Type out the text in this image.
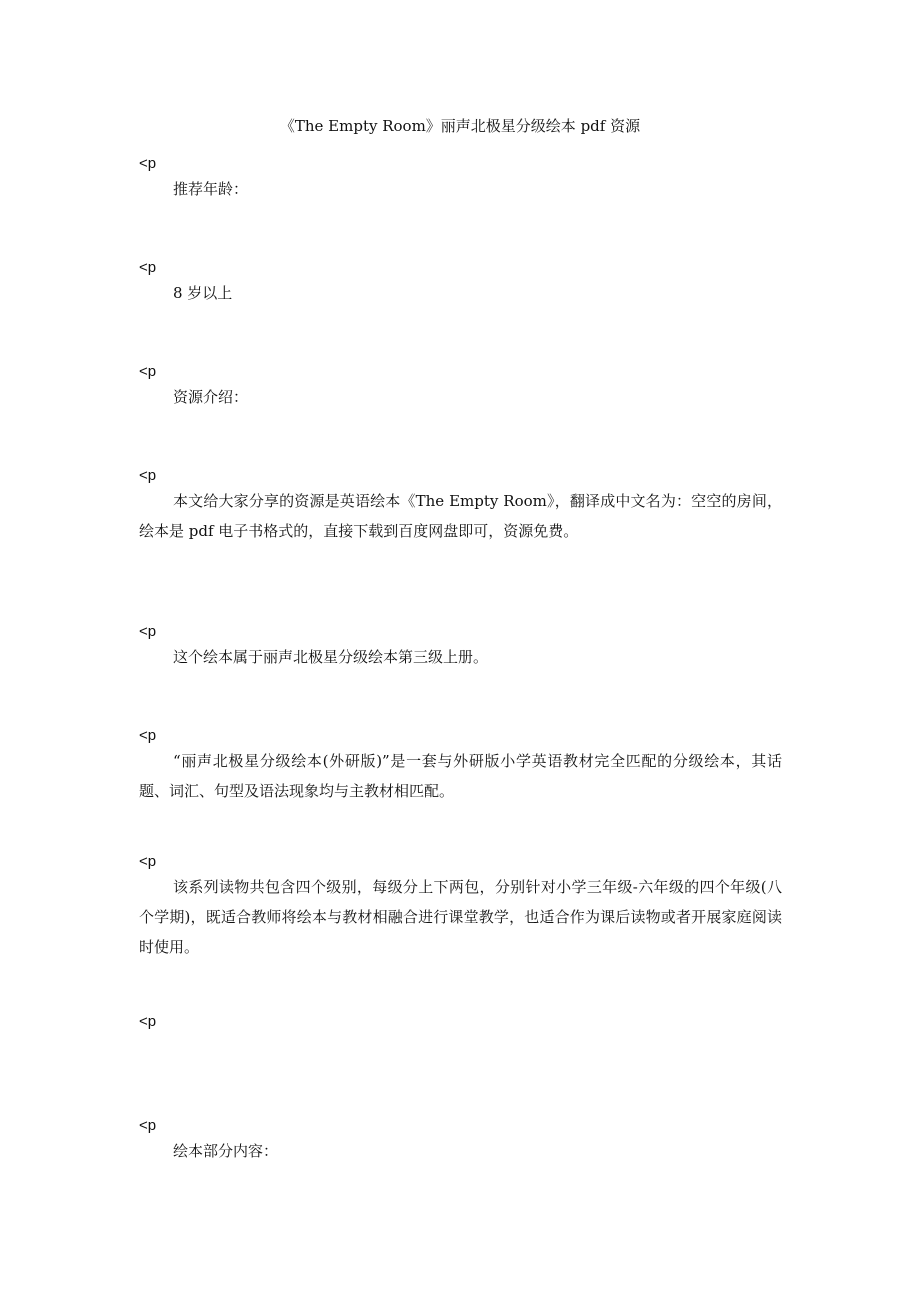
《The Empty Room》丽声北极星分级绘本 pdf 资源
<p

推荐年龄：

<p

8 岁以上

<p

资源介绍：

<p

本文给大家分享的资源是英语绘本《The Empty Room》，翻译成中文名为：空空的房间，绘本是 pdf 电子书格式的，直接下载到百度网盘即可，资源免费。

<p

这个绘本属于丽声北极星分级绘本第三级上册。

<p

“丽声北极星分级绘本(外研版)”是一套与外研版小学英语教材完全匹配的分级绘本，其话题、词汇、句型及语法现象均与主教材相匹配。

<p

该系列读物共包含四个级别，每级分上下两包，分别针对小学三年级-六年级的四个年级(八个学期)，既适合教师将绘本与教材相融合进行课堂教学，也适合作为课后读物或者开展家庭阅读时使用。

<p

<p

绘本部分内容：
